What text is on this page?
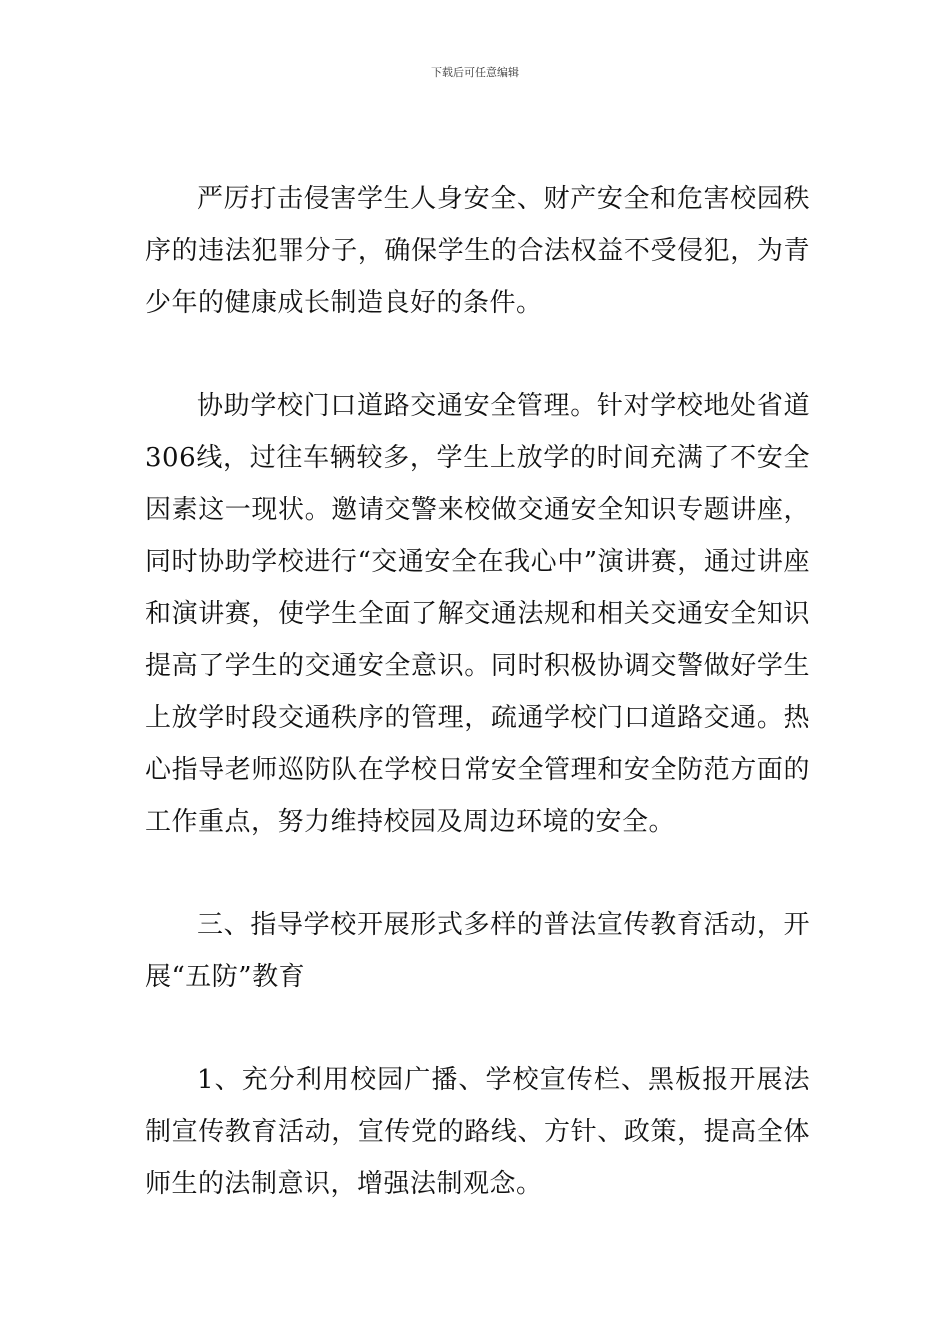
下载后可任意编辑

严厉打击侵害学生人身安全、财产安全和危害校园秩序的违法犯罪分子，确保学生的合法权益不受侵犯，为青少年的健康成长制造良好的条件。

协助学校门口道路交通安全管理。针对学校地处省道306线，过往车辆较多，学生上放学的时间充满了不安全因素这一现状。邀请交警来校做交通安全知识专题讲座，同时协助学校进行“交通安全在我心中”演讲赛，通过讲座和演讲赛，使学生全面了解交通法规和相关交通安全知识提高了学生的交通安全意识。同时积极协调交警做好学生上放学时段交通秩序的管理，疏通学校门口道路交通。热心指导老师巡防队在学校日常安全管理和安全防范方面的工作重点，努力维持校园及周边环境的安全。

三、指导学校开展形式多样的普法宣传教育活动，开展“五防”教育

1、充分利用校园广播、学校宣传栏、黑板报开展法制宣传教育活动，宣传党的路线、方针、政策，提高全体师生的法制意识，增强法制观念。
